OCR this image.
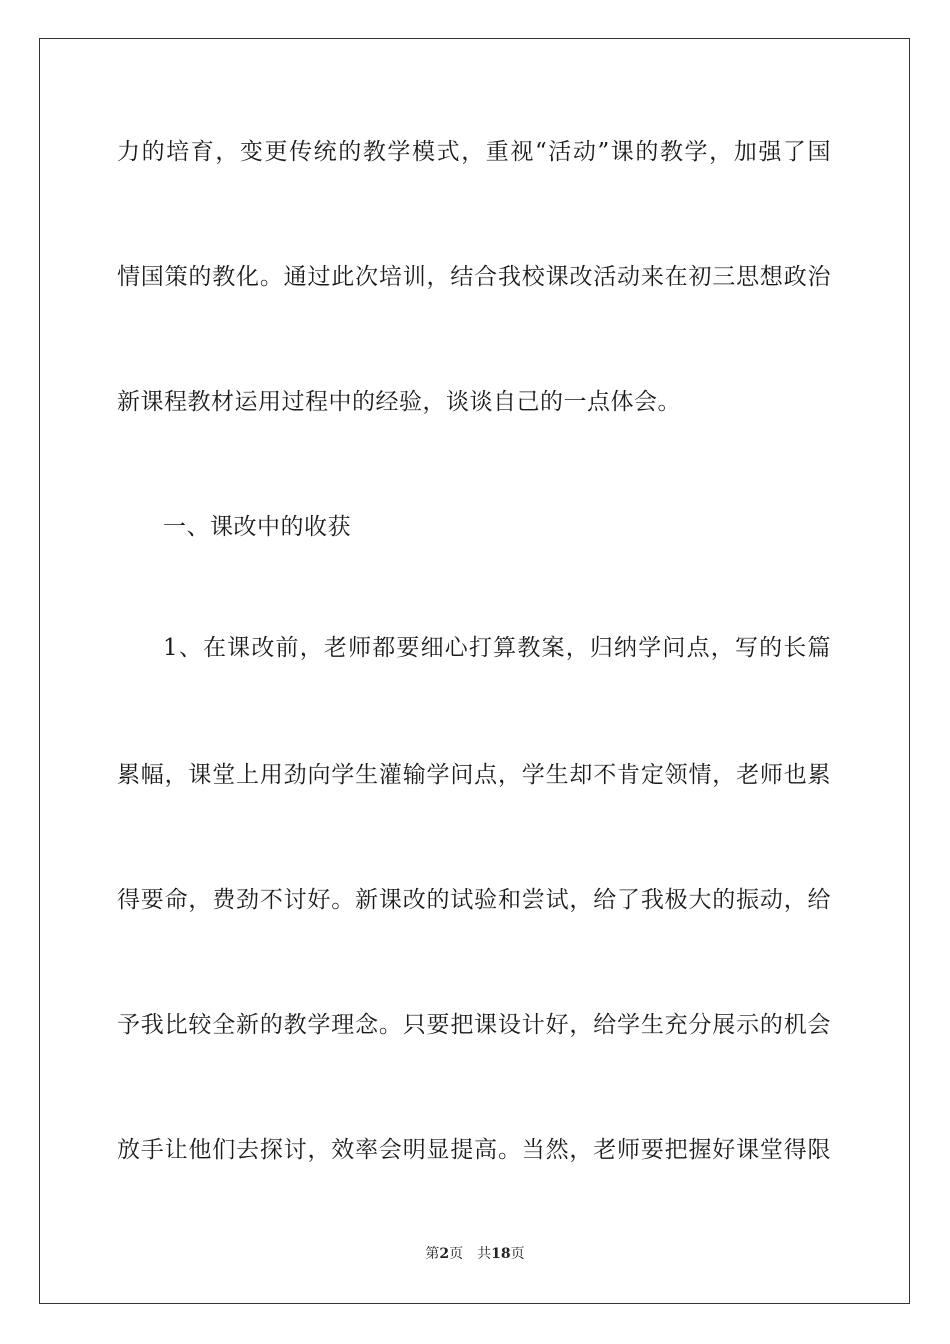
力的培育，变更传统的教学模式，重视“活动”课的教学，加强了国
情国策的教化。通过此次培训，结合我校课改活动来在初三思想政治
新课程教材运用过程中的经验，谈谈自己的一点体会。
一、课改中的收获
1、在课改前，老师都要细心打算教案，归纳学问点，写的长篇
累幅，课堂上用劲向学生灌输学问点，学生却不肯定领情，老师也累
得要命，费劲不讨好。新课改的试验和尝试，给了我极大的振动，给
予我比较全新的教学理念。只要把课设计好，给学生充分展示的机会
放手让他们去探讨，效率会明显提高。当然，老师要把握好课堂得限
第2页 共18页
